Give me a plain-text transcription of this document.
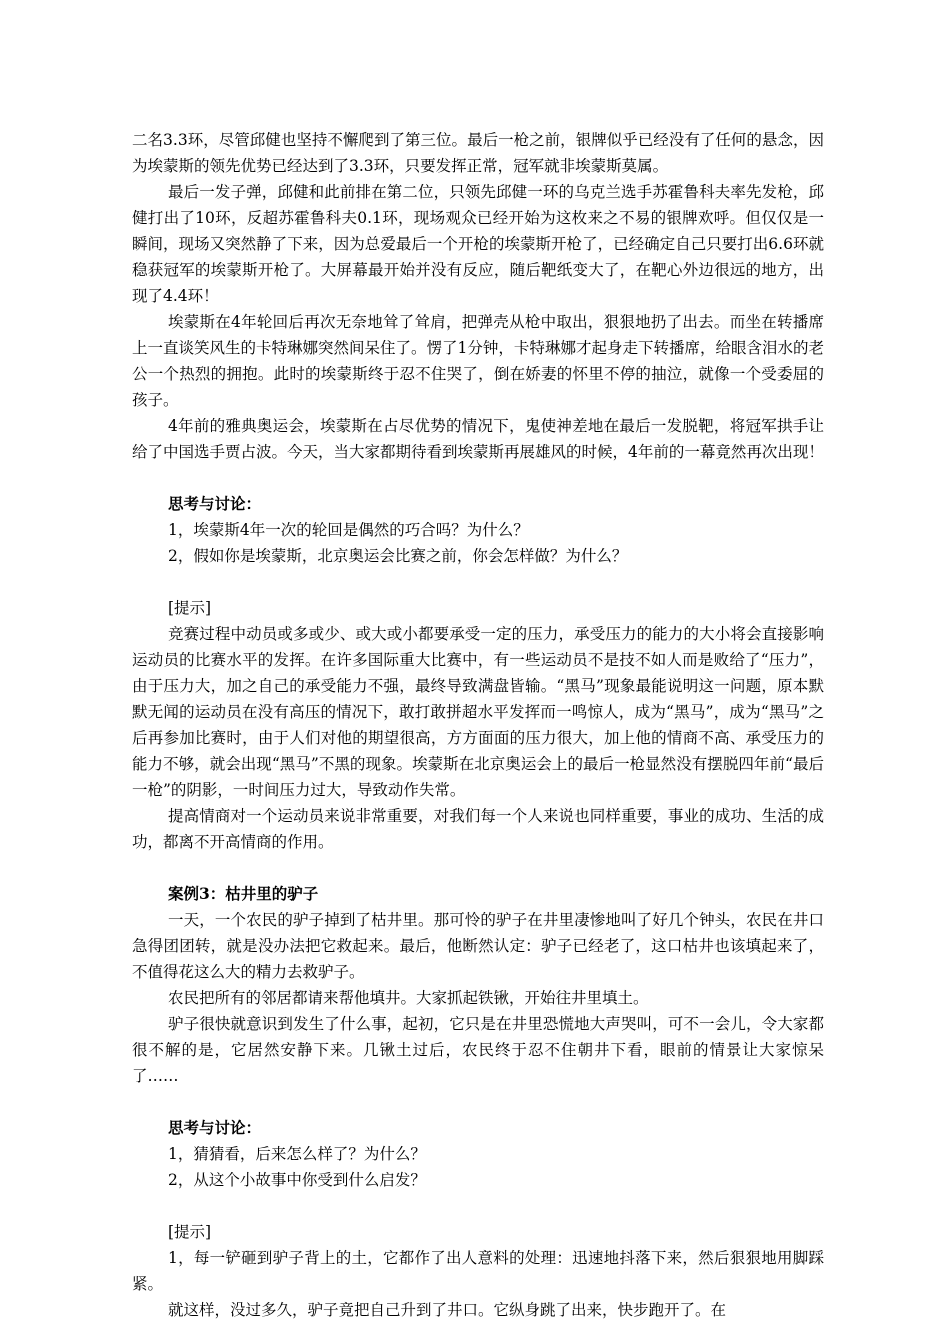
二名3.3环，尽管邱健也坚持不懈爬到了第三位。最后一枪之前，银牌似乎已经没有了任何的悬念，因为埃蒙斯的领先优势已经达到了3.3环，只要发挥正常，冠军就非埃蒙斯莫属。

最后一发子弹，邱健和此前排在第二位，只领先邱健一环的乌克兰选手苏霍鲁科夫率先发枪，邱健打出了10环，反超苏霍鲁科夫0.1环，现场观众已经开始为这枚来之不易的银牌欢呼。但仅仅是一瞬间，现场又突然静了下来，因为总爱最后一个开枪的埃蒙斯开枪了，已经确定自己只要打出6.6环就稳获冠军的埃蒙斯开枪了。大屏幕最开始并没有反应，随后靶纸变大了，在靶心外边很远的地方，出现了4.4环！

埃蒙斯在4年轮回后再次无奈地耸了耸肩，把弹壳从枪中取出，狠狠地扔了出去。而坐在转播席上一直谈笑风生的卡特琳娜突然间呆住了。愣了1分钟，卡特琳娜才起身走下转播席，给眼含泪水的老公一个热烈的拥抱。此时的埃蒙斯终于忍不住哭了，倒在娇妻的怀里不停的抽泣，就像一个受委屈的孩子。

4年前的雅典奥运会，埃蒙斯在占尽优势的情况下，鬼使神差地在最后一发脱靶，将冠军拱手让给了中国选手贾占波。今天，当大家都期待看到埃蒙斯再展雄风的时候，4年前的一幕竟然再次出现！

思考与讨论：

1，埃蒙斯4年一次的轮回是偶然的巧合吗？为什么？

2，假如你是埃蒙斯，北京奥运会比赛之前，你会怎样做？为什么？

[提示]

竞赛过程中动员或多或少、或大或小都要承受一定的压力，承受压力的能力的大小将会直接影响运动员的比赛水平的发挥。在许多国际重大比赛中，有一些运动员不是技不如人而是败给了“压力”，由于压力大，加之自己的承受能力不强，最终导致满盘皆输。“黑马”现象最能说明这一问题，原本默默无闻的运动员在没有高压的情况下，敢打敢拼超水平发挥而一鸣惊人，成为“黑马”，成为“黑马”之后再参加比赛时，由于人们对他的期望很高，方方面面的压力很大，加上他的情商不高、承受压力的能力不够，就会出现“黑马”不黑的现象。埃蒙斯在北京奥运会上的最后一枪显然没有摆脱四年前“最后一枪”的阴影，一时间压力过大，导致动作失常。

提高情商对一个运动员来说非常重要，对我们每一个人来说也同样重要，事业的成功、生活的成功，都离不开高情商的作用。

案例3：枯井里的驴子

一天，一个农民的驴子掉到了枯井里。那可怜的驴子在井里凄惨地叫了好几个钟头，农民在井口急得团团转，就是没办法把它救起来。最后，他断然认定：驴子已经老了，这口枯井也该填起来了，不值得花这么大的精力去救驴子。

农民把所有的邻居都请来帮他填井。大家抓起铁锹，开始往井里填土。

驴子很快就意识到发生了什么事，起初，它只是在井里恐慌地大声哭叫，可不一会儿，令大家都很不解的是，它居然安静下来。几锹土过后，农民终于忍不住朝井下看，眼前的情景让大家惊呆了……

思考与讨论：

1，猜猜看，后来怎么样了？为什么？

2，从这个小故事中你受到什么启发？

[提示]

1，每一铲砸到驴子背上的土，它都作了出人意料的处理：迅速地抖落下来，然后狠狠地用脚踩紧。

就这样，没过多久，驴子竟把自己升到了井口。它纵身跳了出来，快步跑开了。在
